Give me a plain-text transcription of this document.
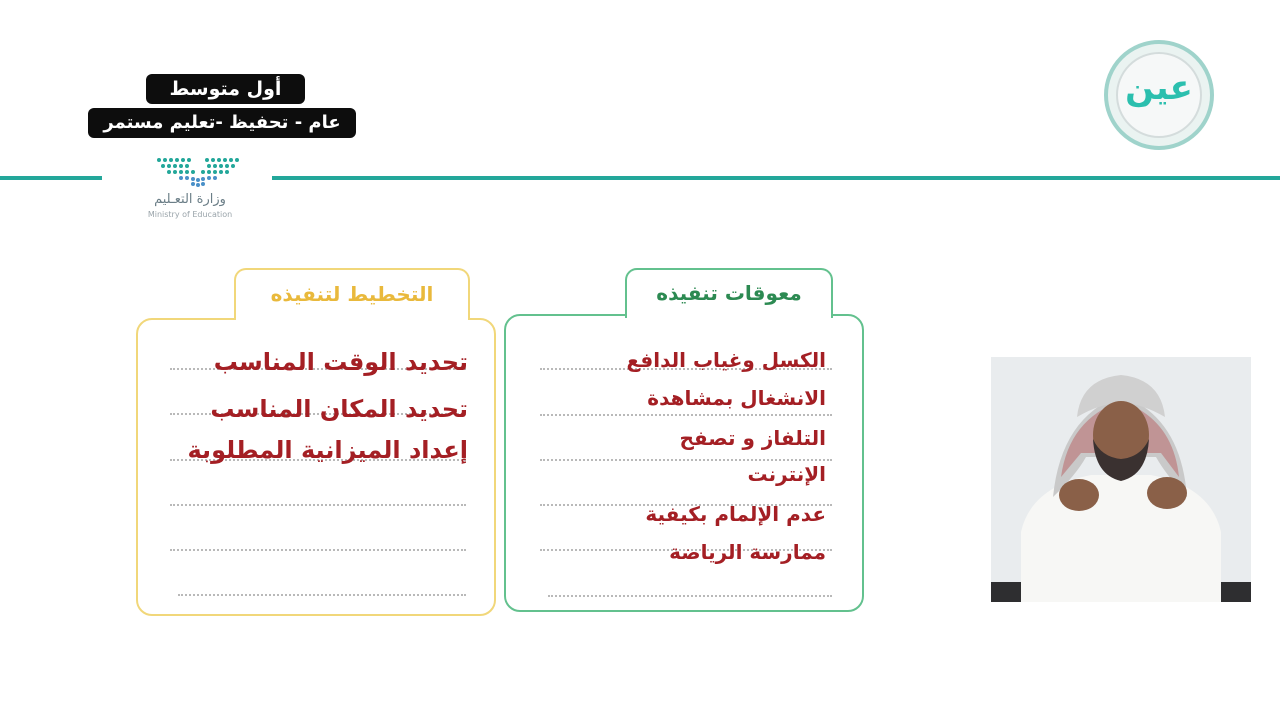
أول متوسط
عام - تحفيظ -تعليم مستمر
وزارة التعـليم
Ministry of Education
عين
تحديد الوقت المناسب
تحديد المكان المناسب
إعداد الميزانية المطلوبة
التخطيط لتنفيذه
الكسل وغياب الدافع
الانشغال بمشاهدة
التلفاز و تصفح
الإنترنت
عدم الإلمام بكيفية
ممارسة الرياضة
معوقات تنفيذه
